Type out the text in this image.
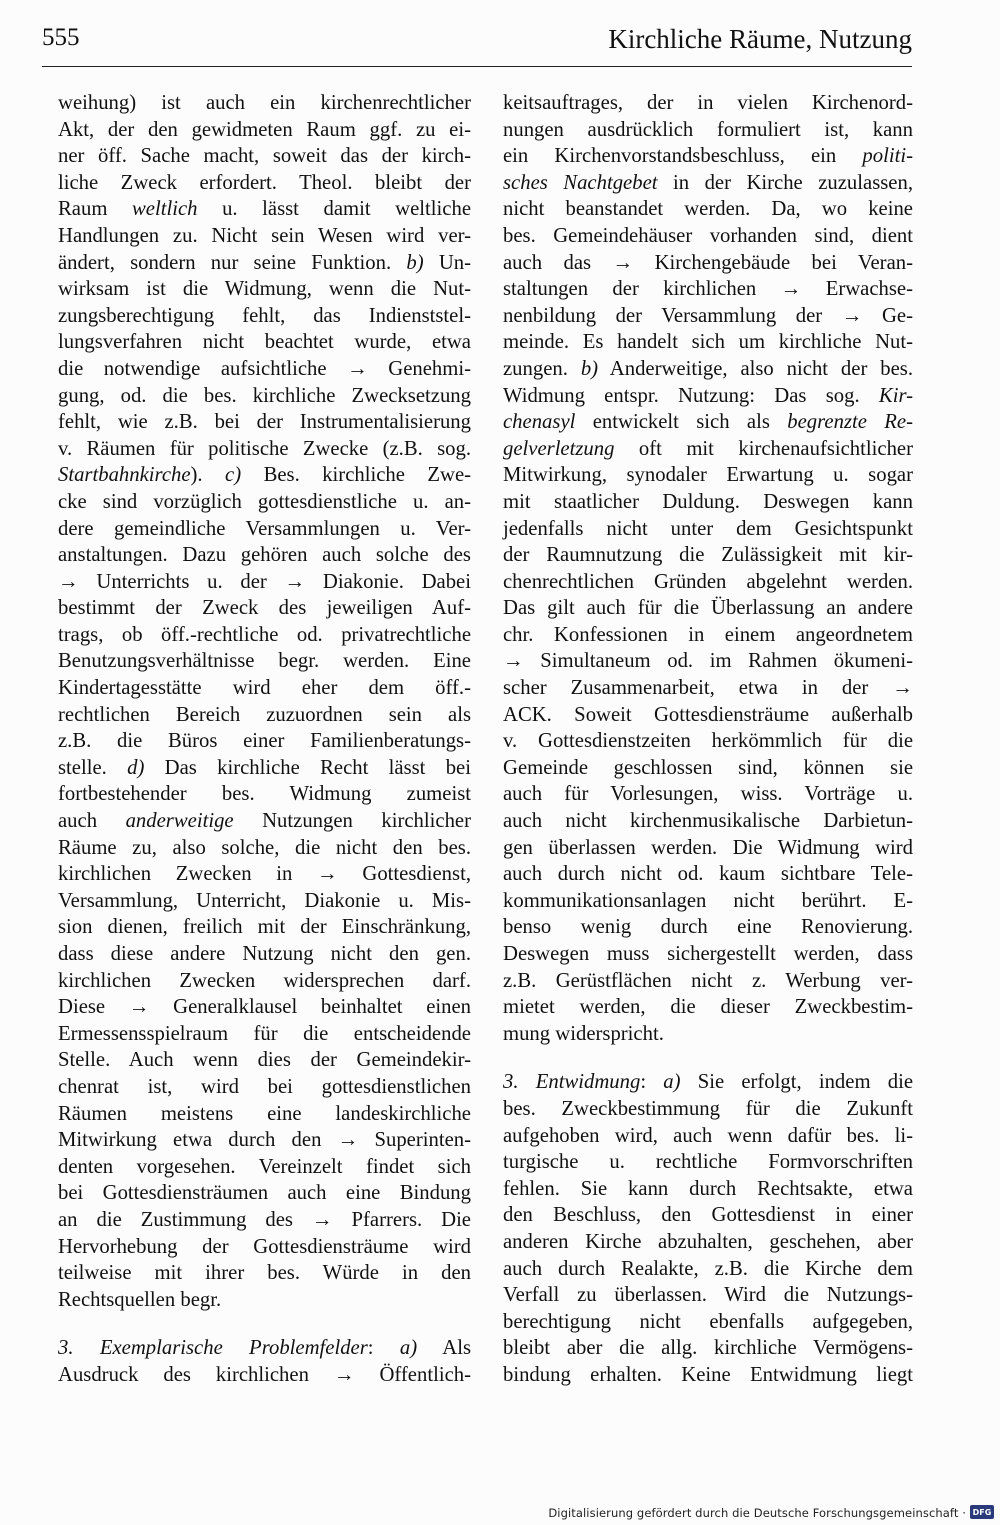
555	Kirchliche Räume, Nutzung
weihung) ist auch ein kirchenrechtlicher
Akt, der den gewidmeten Raum ggf. zu ei-
ner öff. Sache macht, soweit das der kirch-
liche Zweck erfordert. Theol. bleibt der
Raum weltlich u. lässt damit weltliche
Handlungen zu. Nicht sein Wesen wird ver-
ändert, sondern nur seine Funktion. b) Un-
wirksam ist die Widmung, wenn die Nut-
zungsberechtigung fehlt, das Indienststel-
lungsverfahren nicht beachtet wurde, etwa
die notwendige aufsichtliche → Genehmi-
gung, od. die bes. kirchliche Zwecksetzung
fehlt, wie z.B. bei der Instrumentalisierung
v. Räumen für politische Zwecke (z.B. sog.
Startbahnkirche). c) Bes. kirchliche Zwe-
cke sind vorzüglich gottesdienstliche u. an-
dere gemeindliche Versammlungen u. Ver-
anstaltungen. Dazu gehören auch solche des
→ Unterrichts u. der → Diakonie. Dabei
bestimmt der Zweck des jeweiligen Auf-
trags, ob öff.-rechtliche od. privatrechtliche
Benutzungsverhältnisse begr. werden. Eine
Kindertagesstätte wird eher dem öff.-
rechtlichen Bereich zuzuordnen sein als
z.B. die Büros einer Familienberatungs-
stelle. d) Das kirchliche Recht lässt bei
fortbestehender bes. Widmung zumeist
auch anderweitige Nutzungen kirchlicher
Räume zu, also solche, die nicht den bes.
kirchlichen Zwecken in → Gottesdienst,
Versammlung, Unterricht, Diakonie u. Mis-
sion dienen, freilich mit der Einschränkung,
dass diese andere Nutzung nicht den gen.
kirchlichen Zwecken widersprechen darf.
Diese → Generalklausel beinhaltet einen
Ermessensspielraum für die entscheidende
Stelle. Auch wenn dies der Gemeindekir-
chenrat ist, wird bei gottesdienstlichen
Räumen meistens eine landeskirchliche
Mitwirkung etwa durch den → Superinten-
denten vorgesehen. Vereinzelt findet sich
bei Gottesdiensträumen auch eine Bindung
an die Zustimmung des → Pfarrers. Die
Hervorhebung der Gottesdiensträume wird
teilweise mit ihrer bes. Würde in den
Rechtsquellen begr.
3. Exemplarische Problemfelder: a) Als
Ausdruck des kirchlichen → Öffentlich-
keitsauftrages, der in vielen Kirchenord-
nungen ausdrücklich formuliert ist, kann
ein Kirchenvorstandsbeschluss, ein politi-
sches Nachtgebet in der Kirche zuzulassen,
nicht beanstandet werden. Da, wo keine
bes. Gemeindehäuser vorhanden sind, dient
auch das → Kirchengebäude bei Veran-
staltungen der kirchlichen → Erwachse-
nenbildung der Versammlung der → Ge-
meinde. Es handelt sich um kirchliche Nut-
zungen. b) Anderweitige, also nicht der bes.
Widmung entspr. Nutzung: Das sog. Kir-
chenasyl entwickelt sich als begrenzte Re-
gelverletzung oft mit kirchenaufsichtlicher
Mitwirkung, synodaler Erwartung u. sogar
mit staatlicher Duldung. Deswegen kann
jedenfalls nicht unter dem Gesichtspunkt
der Raumnutzung die Zulässigkeit mit kir-
chenrechtlichen Gründen abgelehnt werden.
Das gilt auch für die Überlassung an andere
chr. Konfessionen in einem angeordnetem
→ Simultaneum od. im Rahmen ökumeni-
scher Zusammenarbeit, etwa in der →
ACK. Soweit Gottesdiensträume außerhalb
v. Gottesdienstzeiten herkömmlich für die
Gemeinde geschlossen sind, können sie
auch für Vorlesungen, wiss. Vorträge u.
auch nicht kirchenmusikalische Darbietun-
gen überlassen werden. Die Widmung wird
auch durch nicht od. kaum sichtbare Tele-
kommunikationsanlagen nicht berührt. E-
benso wenig durch eine Renovierung.
Deswegen muss sichergestellt werden, dass
z.B. Gerüstflächen nicht z. Werbung ver-
mietet werden, die dieser Zweckbestim-
mung widerspricht.
3. Entwidmung: a) Sie erfolgt, indem die
bes. Zweckbestimmung für die Zukunft
aufgehoben wird, auch wenn dafür bes. li-
turgische u. rechtliche Formvorschriften
fehlen. Sie kann durch Rechtsakte, etwa
den Beschluss, den Gottesdienst in einer
anderen Kirche abzuhalten, geschehen, aber
auch durch Realakte, z.B. die Kirche dem
Verfall zu überlassen. Wird die Nutzungs-
berechtigung nicht ebenfalls aufgegeben,
bleibt aber die allg. kirchliche Vermögens-
bindung erhalten. Keine Entwidmung liegt
Digitalisierung gefördert durch die Deutsche Forschungsgemeinschaft · DFG
